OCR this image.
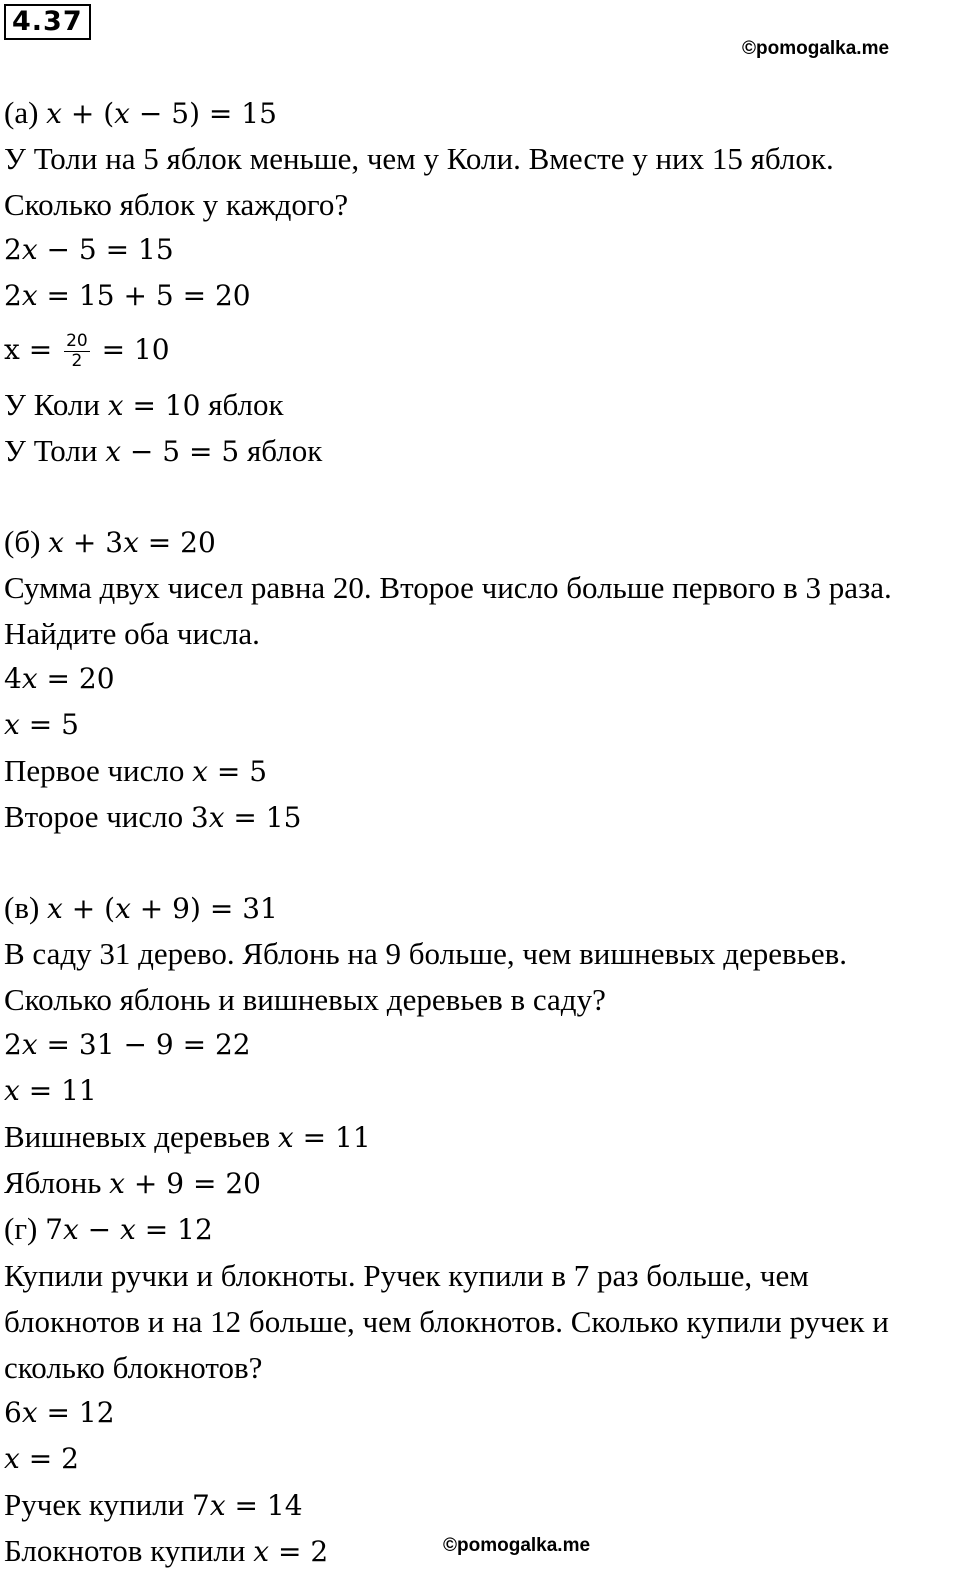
4.37
©pomogalka.me
(а) x + (x − 5) = 15
У Толи на 5 яблок меньше, чем у Коли. Вместе у них 15 яблок.
Сколько яблок у каждого?
2x − 5 = 15
2x = 15 + 5 = 20
$x = \frac{20}{2} = 10$
У Коли x = 10 яблок
У Толи x − 5 = 5 яблок
(б) x + 3x = 20
Сумма двух чисел равна 20. Второе число больше первого в 3 раза.
Найдите оба числа.
4x = 20
x = 5
Первое число x = 5
Второе число 3x = 15
(в) x + (x + 9) = 31
В саду 31 дерево. Яблонь на 9 больше, чем вишневых деревьев.
Сколько яблонь и вишневых деревьев в саду?
2x = 31 − 9 = 22
x = 11
Вишневых деревьев x = 11
Яблонь x + 9 = 20
(г) 7x − x = 12
Купили ручки и блокноты. Ручек купили в 7 раз больше, чем
блокнотов и на 12 больше, чем блокнотов. Сколько купили ручек и
сколько блокнотов?
6x = 12
x = 2
Ручек купили 7x = 14
Блокнотов купили x = 2	©pomogalka.me
